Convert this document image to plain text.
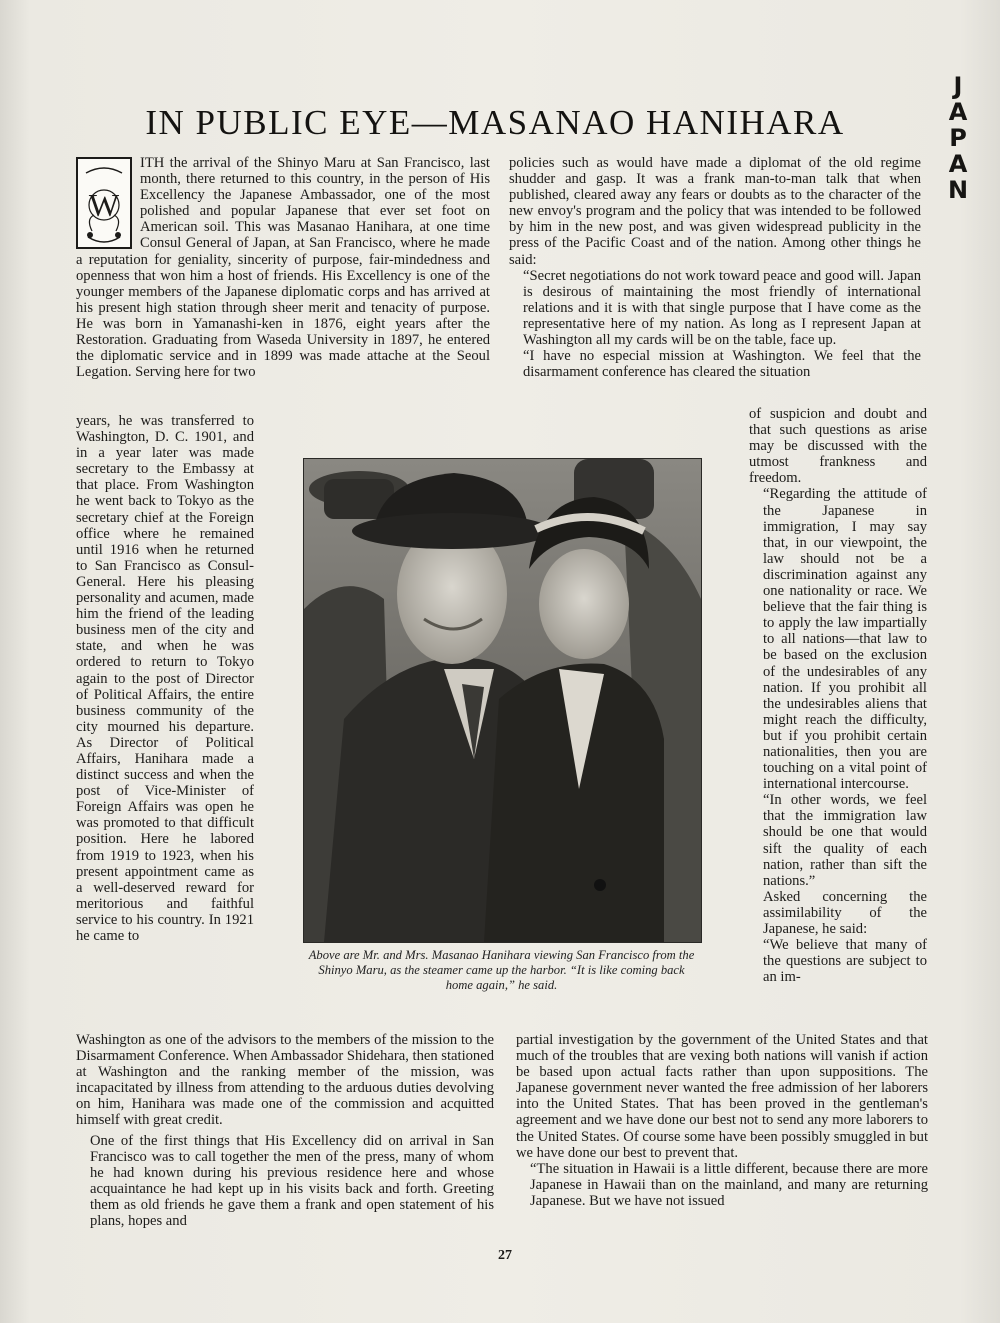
JAPAN
IN PUBLIC EYE—MASANAO HANIHARA
W

ITH the arrival of the Shinyo Maru at San Francisco, last month, there returned to this country, in the person of His Excellency the Japanese Ambassador, one of the most polished and popular Japanese that ever set foot on American soil. This was Masanao Hanihara, at one time Consul General of Japan, at San Francisco, where he made a reputation for geniality, sincerity of purpose, fair-mindedness and openness that won him a host of friends. His Excellency is one of the younger members of the Japanese diplomatic corps and has arrived at his present high station through sheer merit and tenacity of purpose. He was born in Yamanashi-ken in 1876, eight years after the Restoration. Graduating from Waseda University in 1897, he entered the diplomatic service and in 1899 was made attache at the Seoul Legation. Serving here for two

years, he was transferred to Washington, D. C. 1901, and in a year later was made secretary to the Embassy at that place. From Washington he went back to Tokyo as the secretary chief at the Foreign office where he remained until 1916 when he returned to San Francisco as Consul-General. Here his pleasing personality and acumen, made him the friend of the leading business men of the city and state, and when he was ordered to return to Tokyo again to the post of Director of Political Affairs, the entire business community of the city mourned his departure. As Director of Political Affairs, Hanihara made a distinct success and when the post of Vice-Minister of Foreign Affairs was open he was promoted to that difficult position. Here he labored from 1919 to 1923, when his present appointment came as a well-deserved reward for meritorious and faithful service to his country. In 1921 he came to

Washington as one of the advisors to the members of the mission to the Disarmament Conference. When Ambassador Shidehara, then stationed at Washington and the ranking member of the mission, was incapacitated by illness from attending to the arduous duties devolving on him, Hanihara was made one of the commission and acquitted himself with great credit.

One of the first things that His Excellency did on arrival in San Francisco was to call together the men of the press, many of whom he had known during his previous residence here and whose acquaintance he had kept up in his visits back and forth. Greeting them as old friends he gave them a frank and open statement of his plans, hopes and

policies such as would have made a diplomat of the old regime shudder and gasp. It was a frank man-to-man talk that when published, cleared away any fears or doubts as to the character of the new envoy's program and the policy that was intended to be followed by him in the new post, and was given widespread publicity in the press of the Pacific Coast and of the nation. Among other things he said:

“Secret negotiations do not work toward peace and good will. Japan is desirous of maintaining the most friendly of international relations and it is with that single purpose that I have come as the representative here of my nation. As long as I represent Japan at Washington all my cards will be on the table, face up.

“I have no especial mission at Washington. We feel that the disarmament conference has cleared the situation

of suspicion and doubt and that such questions as arise may be discussed with the utmost frankness and freedom.

“Regarding the attitude of the Japanese in immigration, I may say that, in our viewpoint, the law should not be a discrimination against any one nationality or race. We believe that the fair thing is to apply the law impartially to all nations—that law to be based on the exclusion of the undesirables of any nation. If you prohibit all the undesirables aliens that might reach the difficulty, but if you prohibit certain nationalities, then you are touching on a vital point of international intercourse.

“In other words, we feel that the immigration law should be one that would sift the quality of each nation, rather than sift the nations.”

Asked concerning the assimilability of the Japanese, he said:

“We believe that many of the questions are subject to an im-

partial investigation by the government of the United States and that much of the troubles that are vexing both nations will vanish if action be based upon actual facts rather than upon suppositions. The Japanese government never wanted the free admission of her laborers into the United States. That has been proved in the gentleman's agreement and we have done our best not to send any more laborers to the United States. Of course some have been possibly smuggled in but we have done our best to prevent that.

“The situation in Hawaii is a little different, because there are more Japanese in Hawaii than on the mainland, and many are returning Japanese. But we have not issued

Above are Mr. and Mrs. Masanao Hanihara viewing San Francisco from the Shinyo Maru, as the steamer came up the harbor. “It is like coming back home again,” he said.
27
